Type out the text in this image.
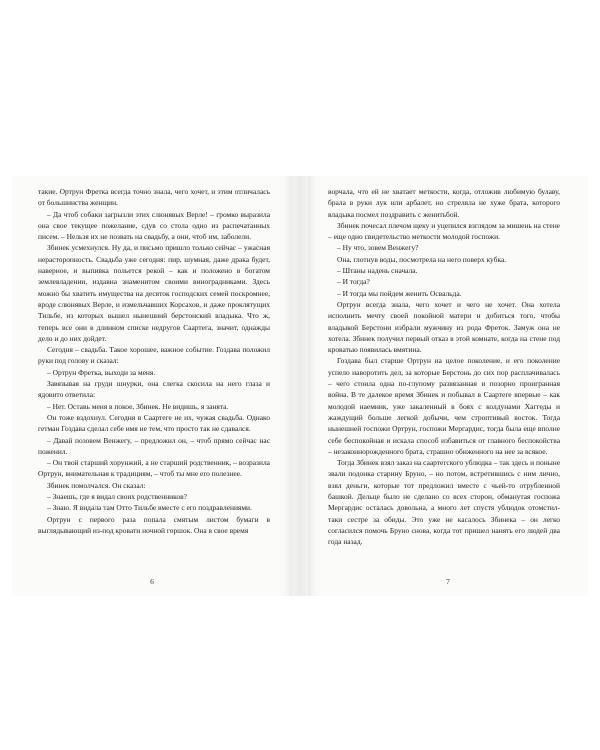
такие. Ортрун Фретка всегда точно знала, чего хочет, и этим отличалась от большинства женщин.

– Да чтоб собаки загрызли этих слюнявых Верле! – громко выразила она свое текущее пожелание, сдув со стола одно из распечатанных писем. – Нельзя их не позвать на свадьбу, а они, чтоб им, заболели.

Збинек усмехнулся. Ну да, и письмо пришло только сейчас – ужасная нерасторопность. Свадьба уже сегодня: пир, шумная, даже драка будет, наверное, и выпивка польется рекой – как и положено в богатом землевладении, издавна знаменитом своими виноградниками. Здесь можно бы хватить имущества на десяток господских семей поскромнее, вроде слюнявых Верле, и измельчавших Корсахов, и даже проклятущих Тильбе, из которых вышел нынешний берстонский владыка. Что ж, теперь все они в длинном списке недругов Саартега, значит, однажды дело и до них дойдет.

Сегодня – свадьба. Такое хорошее, важное событие. Гоздава положил руки под голову и сказал:

– Ортрун Фретка, выходи за меня.

Завязывая на груди шнурки, она слегка скосила на него глаза и ядовито ответила:

– Нет. Оставь меня в покое, Збинек. Не видишь, я занята.

Он тоже вздохнул. Сегодня в Саартеге не их, чужая свадьба. Однако гетман Гоздава сделал себе имя не тем, что просто так не сдавался.

– Давай позовем Венжегу, – предложил он, – чтоб прямо сейчас нас поженил.

– Он твой старший хорунжий, а не старший родственник, – возразила Ортрун, внимательная к традициям, – чтоб ты мне его полезнее.

Збинек помолчался. Он сказал:

– Знаешь, где я видал своих родственников?

– Знаю. Я видала там Отто Тильбе вместе с его поздравлениями.

Ортрун с первого раза попала смятым листом бумаги в выглядывающий из-под кровати ночной горшок. Она в свое время

6

ворчала, что ей не хватает меткости, когда, отложив любимую булаву, брала в руки лук или арбалет, но стреляла не хуже брата, которого владыка посмел поздравить с женитьбой.

Збинек почесал плечом щеку и уцепился взглядом за мишень на стене – еще одно свидетельство меткости молодой госпожи.

– Ну что, зовем Венжегу?

Она, глотнув воды, посмотрела на него поверх кубка.

– Штаны надень сначала.

– И тогда?

– И тогда мы пойдем женить Освальда.

Ортрун всегда знала, чего хочет и чего не хочет. Она хотела исполнить мечту своей покойной матери и добиться того, чтобы владыкой Берстони избрали мужчину из рода Фреток. Замуж она не хотела. Збинек получил первый отказ в этой комнате, когда на стене под кроватью появилась вмятина.

Гоздава был старше Ортрун на целое поколение, и его поколение успело наворотить дел, за которые Берстонь до сих пор расплачивалась – чего стоила одна по-глупому развязанная и позорно проигранная война. В те далекое время Збинек и побывал в Саартеге впервые – как молодой наемник, уже закаленный в боях с колдунами Хаггеды и жаждущий больше легкой добычи, чем строптивый восток. Тогда нынешней госпожи Ортрун, госпожи Мергардис, тогда была еще вполне себе беспокойная и искала способ избавиться от главного беспокойства – незаконнорожденного брата, страшно обиженного на нее за всякое.

Тогда Збинек взял заказ на саартегского ублюдка – так здесь и поныне звали подонка старину Бруно, – но потом, встретившись с ним лично, взял деньги, которые тот предложил вместе с чьей-то отрубленной башкой. Дельце было не сделано со всех сторон, обманутая госпожа Мергардис осталась довольна, а много лет спустя ублюдок отомстил-таки сестре за обиды. Это уже не касалось Збинека – он легко согласился помочь Бруно снова, когда тот пришел нанять его людей два года назад.

7
